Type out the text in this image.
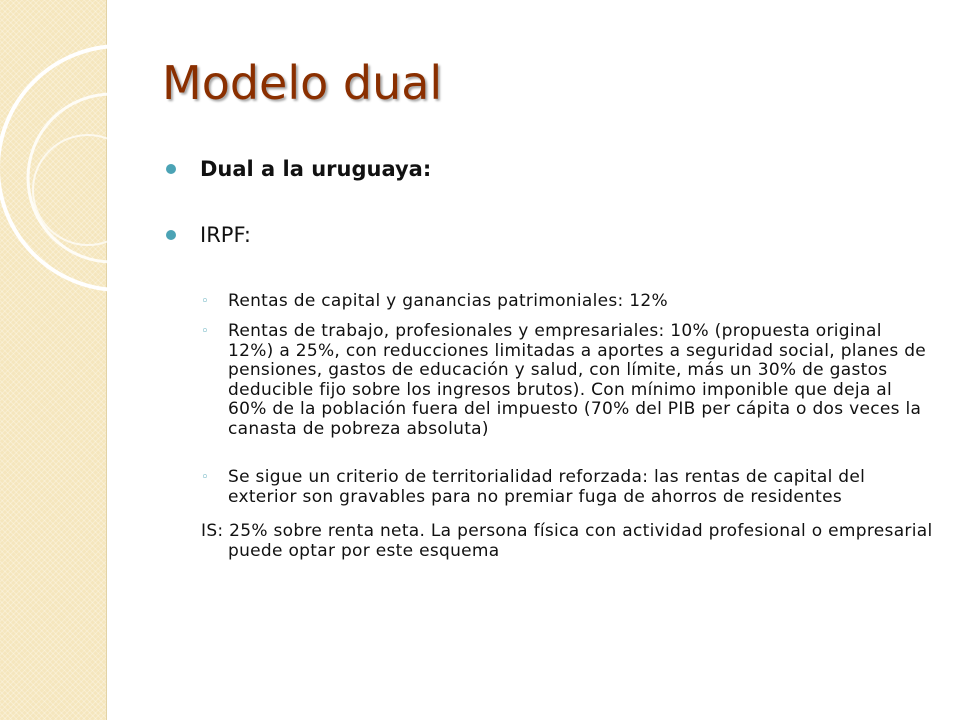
Modelo dual
Dual a la uruguaya:
IRPF:
◦ Rentas de capital y ganancias patrimoniales: 12%
◦ Rentas de trabajo, profesionales y empresariales: 10% (propuesta original 12%) a 25%, con reducciones limitadas a aportes a seguridad social, planes de pensiones, gastos de educación y salud, con límite, más un 30% de gastos deducible fijo sobre los ingresos brutos). Con mínimo imponible que deja al 60% de la población fuera del impuesto (70% del PIB per cápita o dos veces la canasta de pobreza absoluta)
◦ Se sigue un criterio de territorialidad reforzada: las rentas de capital del exterior son gravables para no premiar fuga de ahorros de residentes
IS: 25% sobre renta neta. La persona física con actividad profesional o empresarial puede optar por este esquema
